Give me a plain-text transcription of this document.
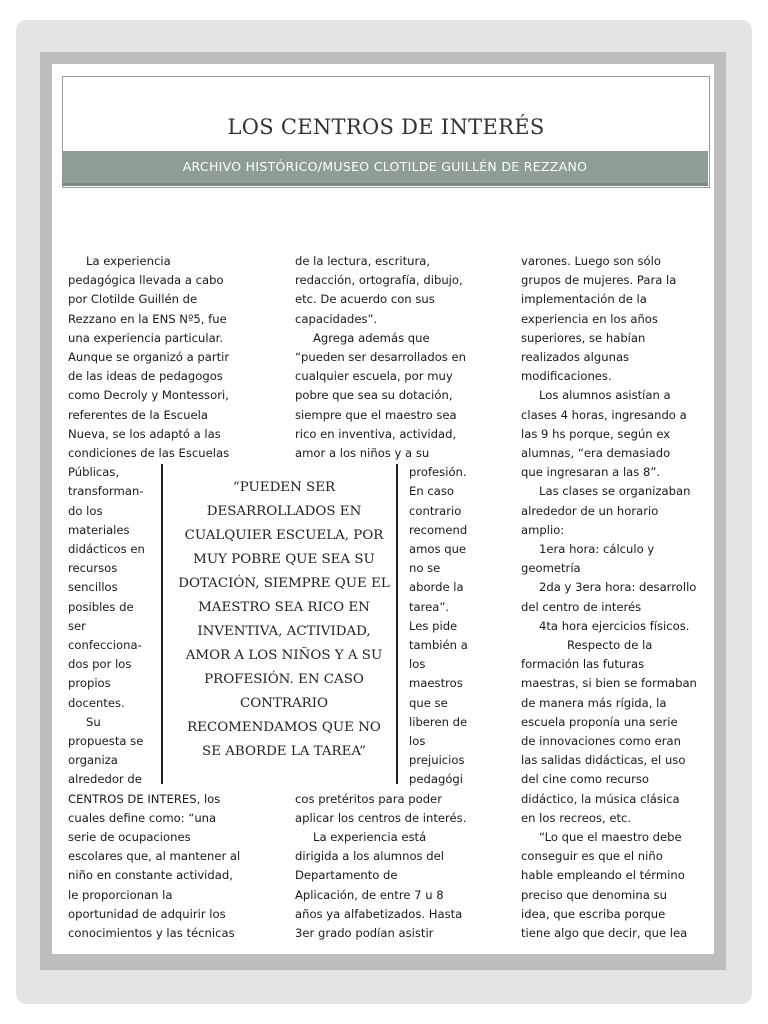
LOS CENTROS DE INTERÉS
ARCHIVO HISTÓRICO/MUSEO CLOTILDE GUILLÉN DE REZZANO
La experiencia
pedagógica llevada a cabo
por Clotilde Guillén de
Rezzano en la ENS Nº5, fue
una experiencia particular.
Aunque se organizó a partir
de las ideas de pedagogos
como Decroly y Montessori,
referentes de la Escuela
Nueva, se los adaptó a las
condiciones de las Escuelas
Públicas,
transforman-
do los
materiales
didácticos en
recursos
sencillos
posibles de
ser
confecciona-
dos por los
propios
docentes.
Su
propuesta se
organiza
alrededor de
CENTROS DE INTERES, los
cuales define como: “una
serie de ocupaciones
escolares que, al mantener al
niño en constante actividad,
le proporcionan la
oportunidad de adquirir los
conocimientos y las técnicas
de la lectura, escritura,
redacción, ortografía, dibujo,
etc. De acuerdo con sus
capacidades”.
Agrega además que
“pueden ser desarrollados en
cualquier escuela, por muy
pobre que sea su dotación,
siempre que el maestro sea
rico en inventiva, actividad,
amor a los niños y a su
profesión.
En caso
contrario
recomend
amos que
no se
aborde la
tarea”.
Les pide
también a
los
maestros
que se
liberen de
los
prejuicios
pedagógi
cos pretéritos para poder
aplicar los centros de interés.
La experiencia está
dirigida a los alumnos del
Departamento de
Aplicación, de entre 7 u 8
años ya alfabetizados. Hasta
3er grado podían asistir
varones. Luego son sólo
grupos de mujeres. Para la
implementación de la
experiencia en los años
superiores, se habían
realizados algunas
modificaciones.
Los alumnos asistían a
clases 4 horas, ingresando a
las 9 hs porque, según ex
alumnas, “era demasiado
que ingresaran a las 8”.
Las clases se organizaban
alrededor de un horario
amplio:
1era hora: cálculo y
geometría
2da y 3era hora: desarrollo
del centro de interés
4ta hora ejercicios físicos.
Respecto de la
formación las futuras
maestras, si bien se formaban
de manera más rígida, la
escuela proponía una serie
de innovaciones como eran
las salidas didácticas, el uso
del cine como recurso
didáctico, la música clásica
en los recreos, etc.
“Lo que el maestro debe
conseguir es que el niño
hable empleando el término
preciso que denomina su
idea, que escriba porque
tiene algo que decir, que lea
“PUEDEN SER
DESARROLLADOS EN
CUALQUIER ESCUELA, POR
MUY POBRE QUE SEA SU
DOTACIÓN, SIEMPRE QUE EL
MAESTRO SEA RICO EN
INVENTIVA, ACTIVIDAD,
AMOR A LOS NIÑOS Y A SU
PROFESIÓN. EN CASO
CONTRARIO
RECOMENDAMOS QUE NO
SE ABORDE LA TAREA”
